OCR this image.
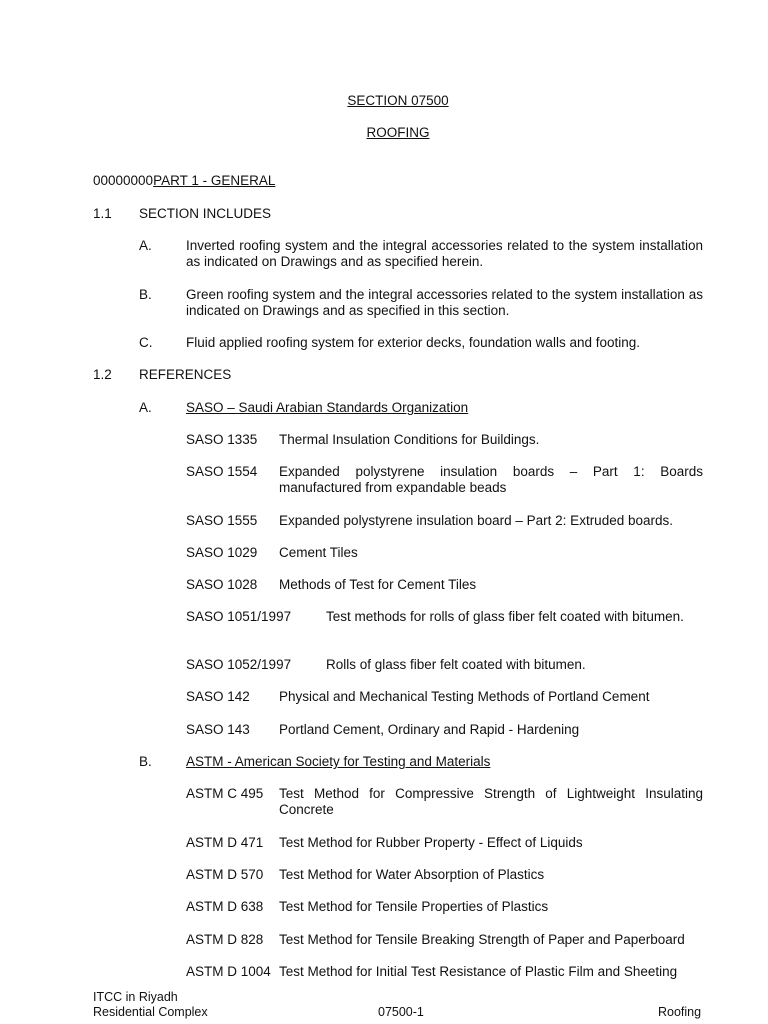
SECTION 07500
ROOFING
00000000PART 1 - GENERAL
1.1 SECTION INCLUDES
A.	Inverted roofing system and the integral accessories related to the system installation as indicated on Drawings and as specified herein.
B.	Green roofing system and the integral accessories related to the system installation as indicated on Drawings and as specified in this section.
C. Fluid applied roofing system for exterior decks, foundation walls and footing.
1.2 REFERENCES
A.	SASO – Saudi Arabian Standards Organization
SASO 1335 Thermal Insulation Conditions for Buildings.
SASO 1554 Expanded polystyrene insulation boards – Part 1: Boards manufactured from expandable beads
SASO 1555 Expanded polystyrene insulation board – Part 2: Extruded boards.
SASO 1029 Cement Tiles
SASO 1028 Methods of Test for Cement Tiles
SASO 1051/1997	Test methods for rolls of glass fiber felt coated with bitumen.
SASO 1052/1997	Rolls of glass fiber felt coated with bitumen.
SASO 142 Physical and Mechanical Testing Methods of Portland Cement
SASO 143 Portland Cement, Ordinary and Rapid - Hardening
B.	ASTM - American Society for Testing and Materials
ASTM C 495 Test Method for Compressive Strength of Lightweight Insulating Concrete
ASTM D 471 Test Method for Rubber Property - Effect of Liquids
ASTM D 570 Test Method for Water Absorption of Plastics
ASTM D 638 Test Method for Tensile Properties of Plastics
ASTM D 828 Test Method for Tensile Breaking Strength of Paper and Paperboard
ASTM D 1004 Test Method for Initial Test Resistance of Plastic Film and Sheeting
ITCC in Riyadh
Residential Complex	07500-1	Roofing
